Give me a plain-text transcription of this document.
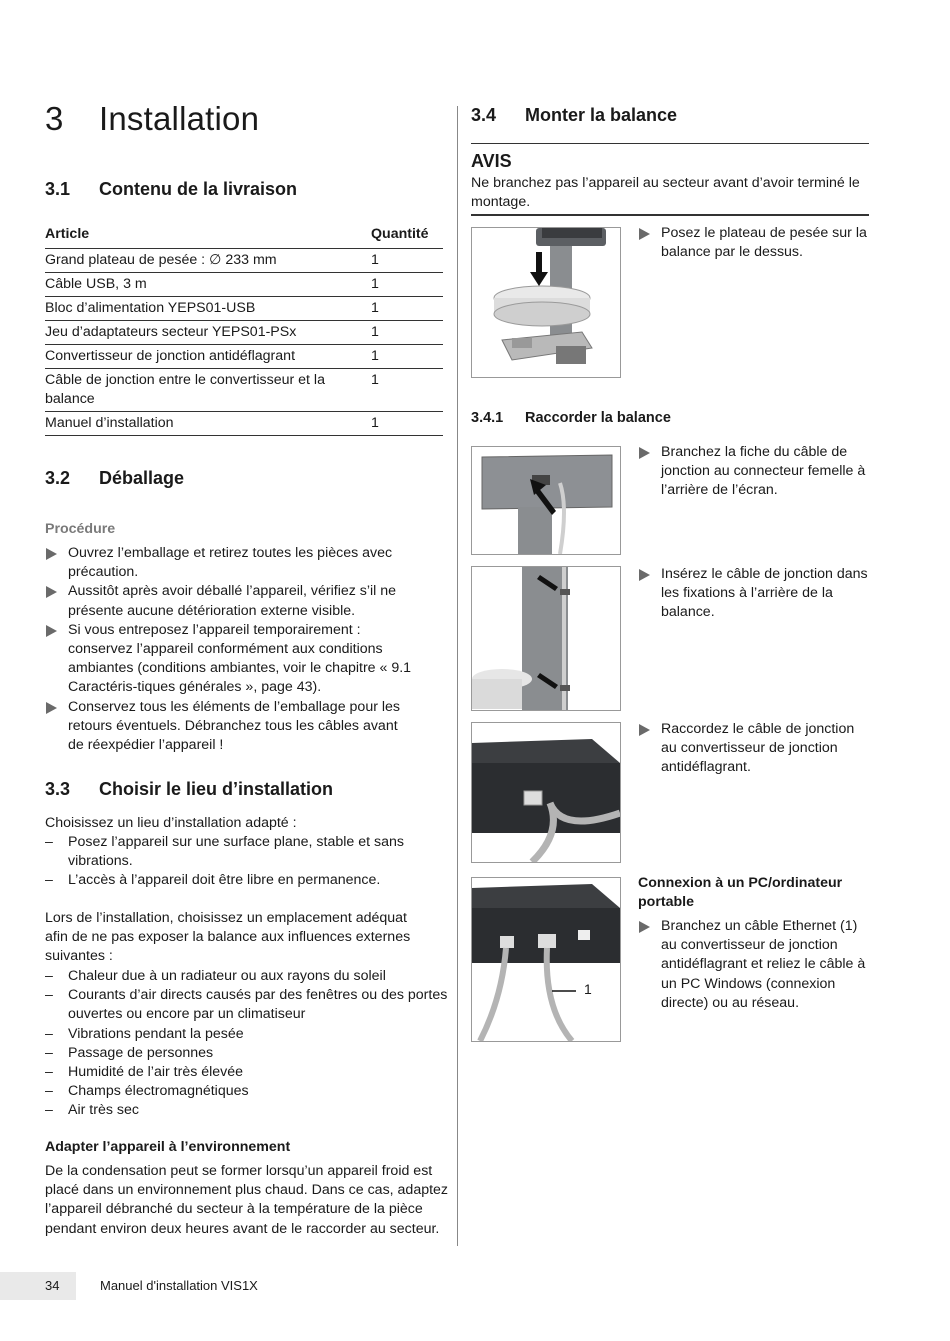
3 Installation
3.1 Contenu de la livraison
Article	Quantité
Grand plateau de pesée : ∅ 233 mm	1
Câble USB, 3 m	1
Bloc d’alimentation YEPS01-USB	1
Jeu d’adaptateurs secteur YEPS01-PSx	1
Convertisseur de jonction antidéflagrant	1
Câble de jonction entre le convertisseur et la balance	1
Manuel d’installation	1
3.2 Déballage
Procédure
Ouvrez l’emballage et retirez toutes les pièces avec précaution.
Aussitôt après avoir déballé l’appareil, vérifiez s’il ne présente aucune détérioration externe visible.
Si vous entreposez l’appareil temporairement : conservez l’appareil conformément aux conditions ambiantes (conditions ambiantes, voir le chapitre « 9.1 Caractéris-tiques générales », page 43).
Conservez tous les éléments de l’emballage pour les retours éventuels. Débranchez tous les câbles avant de réexpédier l’appareil !
3.3 Choisir le lieu d’installation
Choisissez un lieu d’installation adapté :
– Posez l’appareil sur une surface plane, stable et sans vibrations.
– L’accès à l’appareil doit être libre en permanence.
Lors de l’installation, choisissez un emplacement adéquat afin de ne pas exposer la balance aux influences externes suivantes :
– Chaleur due à un radiateur ou aux rayons du soleil
– Courants d’air directs causés par des fenêtres ou des portes ouvertes ou encore par un climatiseur
– Vibrations pendant la pesée
– Passage de personnes
– Humidité de l’air très élevée
– Champs électromagnétiques
– Air très sec
Adapter l’appareil à l’environnement
De la condensation peut se former lorsqu’un appareil froid est placé dans un environnement plus chaud. Dans ce cas, adaptez l’appareil débranché du secteur à la température de la pièce pendant environ deux heures avant de le raccorder au secteur.
3.4 Monter la balance
AVIS
Ne branchez pas l’appareil au secteur avant d’avoir terminé le montage.
Posez le plateau de pesée sur la balance par le dessus.
3.4.1 Raccorder la balance
Branchez la fiche du câble de jonction au connecteur femelle à l’arrière de l’écran.
Insérez le câble de jonction dans les fixations à l’arrière de la balance.
Raccordez le câble de jonction au convertisseur de jonction antidéflagrant.
1
Connexion à un PC/ordinateur portable
Branchez un câble Ethernet (1) au convertisseur de jonction antidéflagrant et reliez le câble à un PC Windows (connexion directe) ou au réseau.
34	Manuel d'installation VIS1X
